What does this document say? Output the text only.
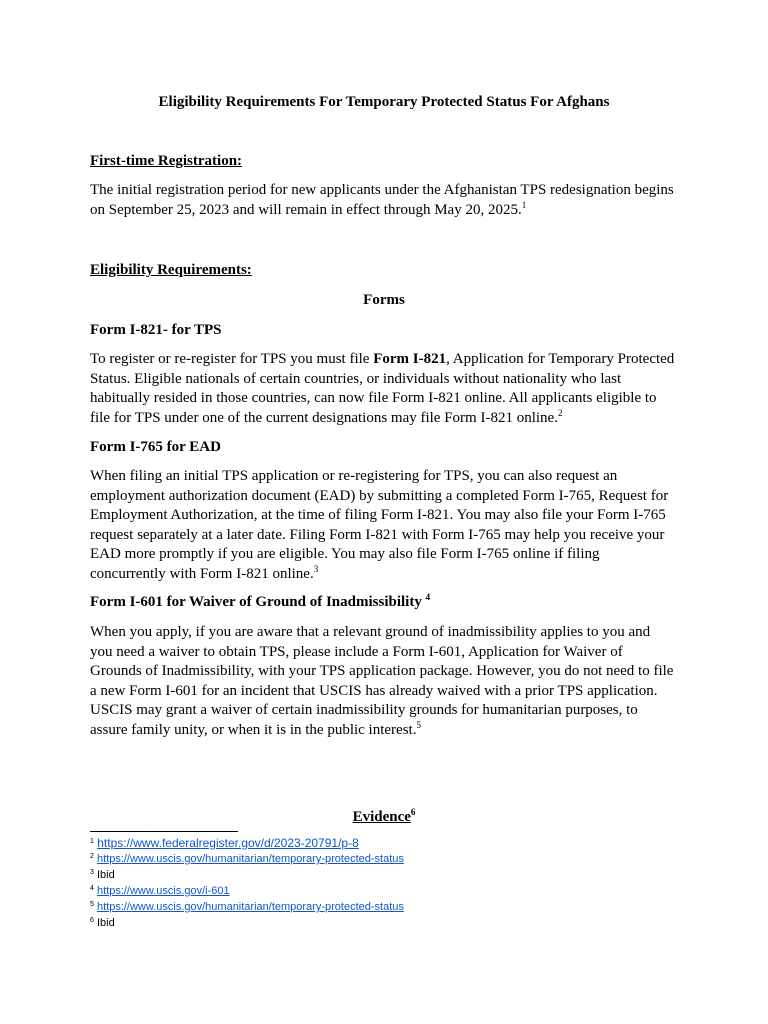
Eligibility Requirements For Temporary Protected Status For Afghans
First-time Registration:
The initial registration period for new applicants under the Afghanistan TPS redesignation begins
on September 25, 2023 and will remain in effect through May 20, 2025.$^1$
Eligibility Requirements:
Forms
Form I-821- for TPS
To register or re-register for TPS you must file Form I-821, Application for Temporary Protected
Status. Eligible nationals of certain countries, or individuals without nationality who last
habitually resided in those countries, can now file Form I-821 online. All applicants eligible to
file for TPS under one of the current designations may file Form I-821 online.$^2$
Form I-765 for EAD
When filing an initial TPS application or re-registering for TPS, you can also request an
employment authorization document (EAD) by submitting a completed Form I-765, Request for
Employment Authorization, at the time of filing Form I-821. You may also file your Form I-765
request separately at a later date. Filing Form I-821 with Form I-765 may help you receive your
EAD more promptly if you are eligible. You may also file Form I-765 online if filing
concurrently with Form I-821 online.$^3$
Form I-601 for Waiver of Ground of Inadmissibility $^4$
When you apply, if you are aware that a relevant ground of inadmissibility applies to you and
you need a waiver to obtain TPS, please include a Form I-601, Application for Waiver of
Grounds of Inadmissibility, with your TPS application package. However, you do not need to file
a new Form I-601 for an incident that USCIS has already waived with a prior TPS application.
USCIS may grant a waiver of certain inadmissibility grounds for humanitarian purposes, to
assure family unity, or when it is in the public interest.$^5$
Evidence$^6$
$^1$ https://www.federalregister.gov/d/2023-20791/p-8
$^2$ https://www.uscis.gov/humanitarian/temporary-protected-status
$^3$ Ibid
$^4$ https://www.uscis.gov/i-601
$^5$ https://www.uscis.gov/humanitarian/temporary-protected-status
$^6$ Ibid
